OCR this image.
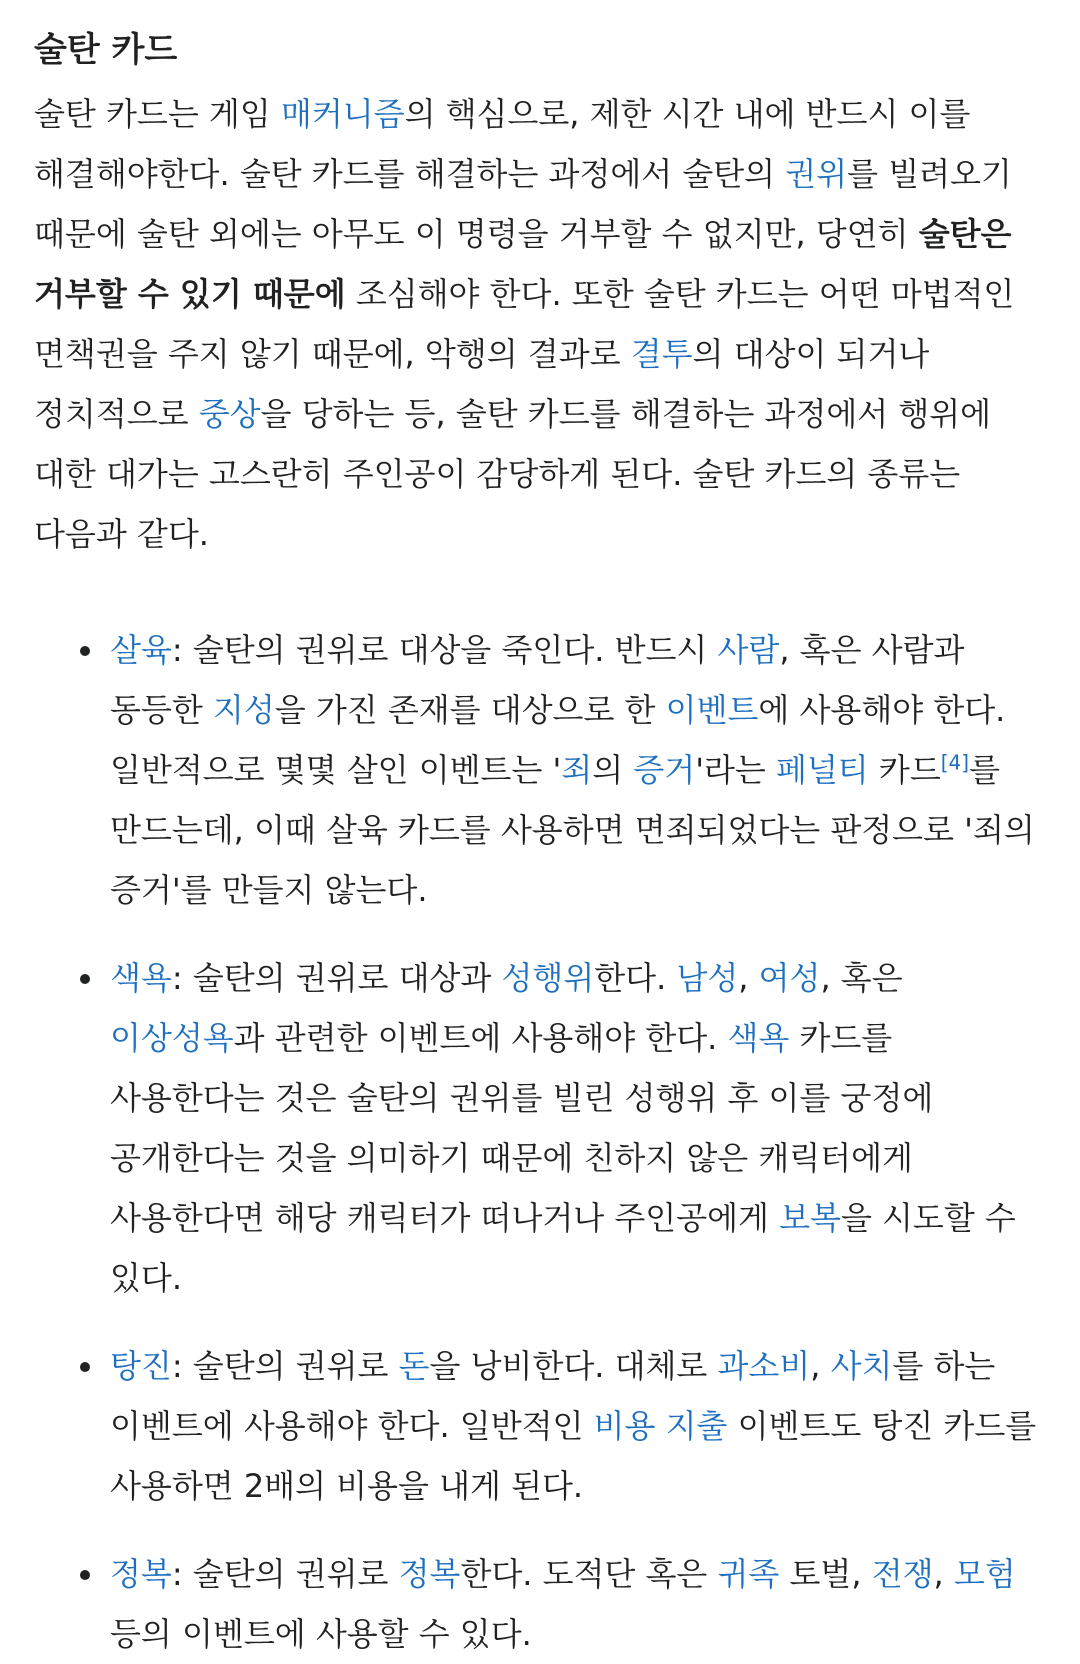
술탄 카드

술탄 카드는 게임 매커니즘의 핵심으로, 제한 시간 내에 반드시 이를 해결해야한다. 술탄 카드를 해결하는 과정에서 술탄의 권위를 빌려오기 때문에 술탄 외에는 아무도 이 명령을 거부할 수 없지만, 당연히 술탄은 거부할 수 있기 때문에 조심해야 한다. 또한 술탄 카드는 어떤 마법적인 면책권을 주지 않기 때문에, 악행의 결과로 결투의 대상이 되거나 정치적으로 중상을 당하는 등, 술탄 카드를 해결하는 과정에서 행위에 대한 대가는 고스란히 주인공이 감당하게 된다. 술탄 카드의 종류는 다음과 같다.

살육: 술탄의 권위로 대상을 죽인다. 반드시 사람, 혹은 사람과 동등한 지성을 가진 존재를 대상으로 한 이벤트에 사용해야 한다. 일반적으로 몇몇 살인 이벤트는 '죄의 증거'라는 페널티 카드[4]를 만드는데, 이때 살육 카드를 사용하면 면죄되었다는 판정으로 '죄의 증거'를 만들지 않는다.
색욕: 술탄의 권위로 대상과 성행위한다. 남성, 여성, 혹은 이상성욕과 관련한 이벤트에 사용해야 한다. 색욕 카드를 사용한다는 것은 술탄의 권위를 빌린 성행위 후 이를 궁정에 공개한다는 것을 의미하기 때문에 친하지 않은 캐릭터에게 사용한다면 해당 캐릭터가 떠나거나 주인공에게 보복을 시도할 수 있다.
탕진: 술탄의 권위로 돈을 낭비한다. 대체로 과소비, 사치를 하는 이벤트에 사용해야 한다. 일반적인 비용 지출 이벤트도 탕진 카드를 사용하면 2배의 비용을 내게 된다.
정복: 술탄의 권위로 정복한다. 도적단 혹은 귀족 토벌, 전쟁, 모험 등의 이벤트에 사용할 수 있다.
